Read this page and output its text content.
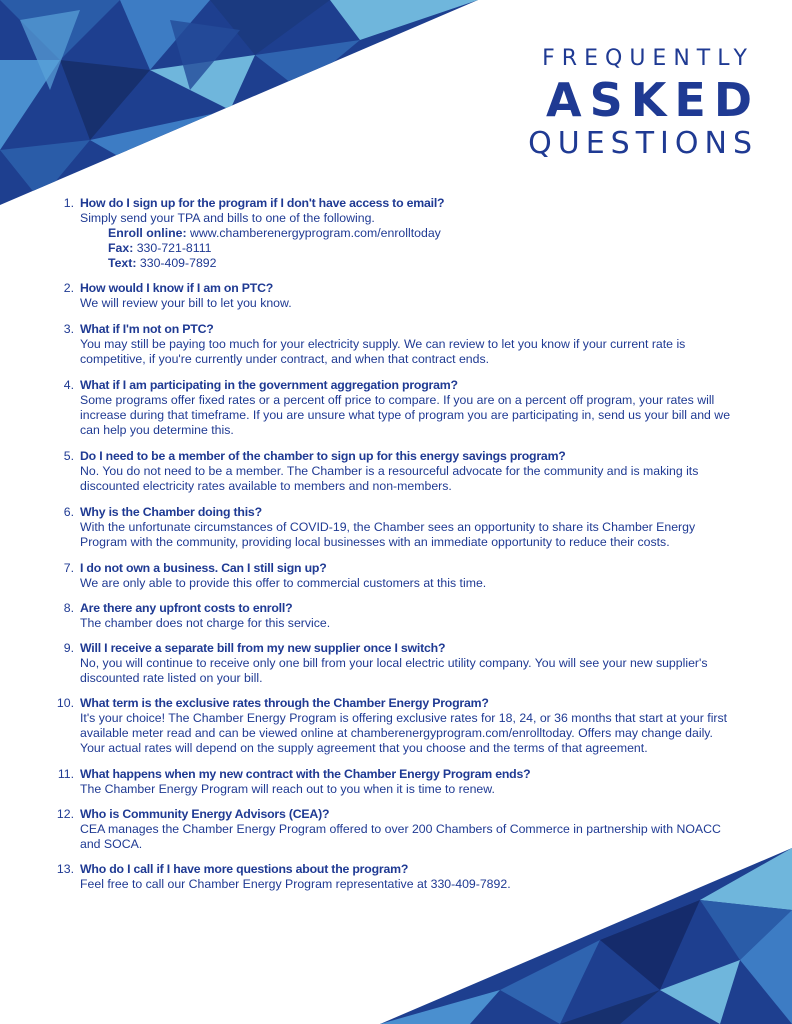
FREQUENTLY
ASKED
QUESTIONS
1. How do I sign up for the program if I don't have access to email?
Simply send your TPA and bills to one of the following.
Enroll online: www.chamberenergyprogram.com/enrolltoday
Fax: 330-721-8111
Text: 330-409-7892
2. How would I know if I am on PTC?
We will review your bill to let you know.
3. What if I'm not on PTC?
You may still be paying too much for your electricity supply. We can review to let you know if your current rate is competitive, if you're currently under contract, and when that contract ends.
4. What if I am participating in the government aggregation program?
Some programs offer fixed rates or a percent off price to compare. If you are on a percent off program, your rates will increase during that timeframe. If you are unsure what type of program you are participating in, send us your bill and we can help you determine this.
5. Do I need to be a member of the chamber to sign up for this energy savings program?
No. You do not need to be a member. The Chamber is a resourceful advocate for the community and is making its discounted electricity rates available to members and non-members.
6. Why is the Chamber doing this?
With the unfortunate circumstances of COVID-19, the Chamber sees an opportunity to share its Chamber Energy Program with the community, providing local businesses with an immediate opportunity to reduce their costs.
7. I do not own a business. Can I still sign up?
We are only able to provide this offer to commercial customers at this time.
8. Are there any upfront costs to enroll?
The chamber does not charge for this service.
9. Will I receive a separate bill from my new supplier once I switch?
No, you will continue to receive only one bill from your local electric utility company. You will see your new supplier's discounted rate listed on your bill.
10. What term is the exclusive rates through the Chamber Energy Program?
It's your choice! The Chamber Energy Program is offering exclusive rates for 18, 24, or 36 months that start at your first available meter read and can be viewed online at chamberenergyprogram.com/enrolltoday. Offers may change daily. Your actual rates will depend on the supply agreement that you choose and the terms of that agreement.
11. What happens when my new contract with the Chamber Energy Program ends?
The Chamber Energy Program will reach out to you when it is time to renew.
12. Who is Community Energy Advisors (CEA)?
CEA manages the Chamber Energy Program offered to over 200 Chambers of Commerce in partnership with NOACC and SOCA.
13. Who do I call if I have more questions about the program?
Feel free to call our Chamber Energy Program representative at 330-409-7892.
